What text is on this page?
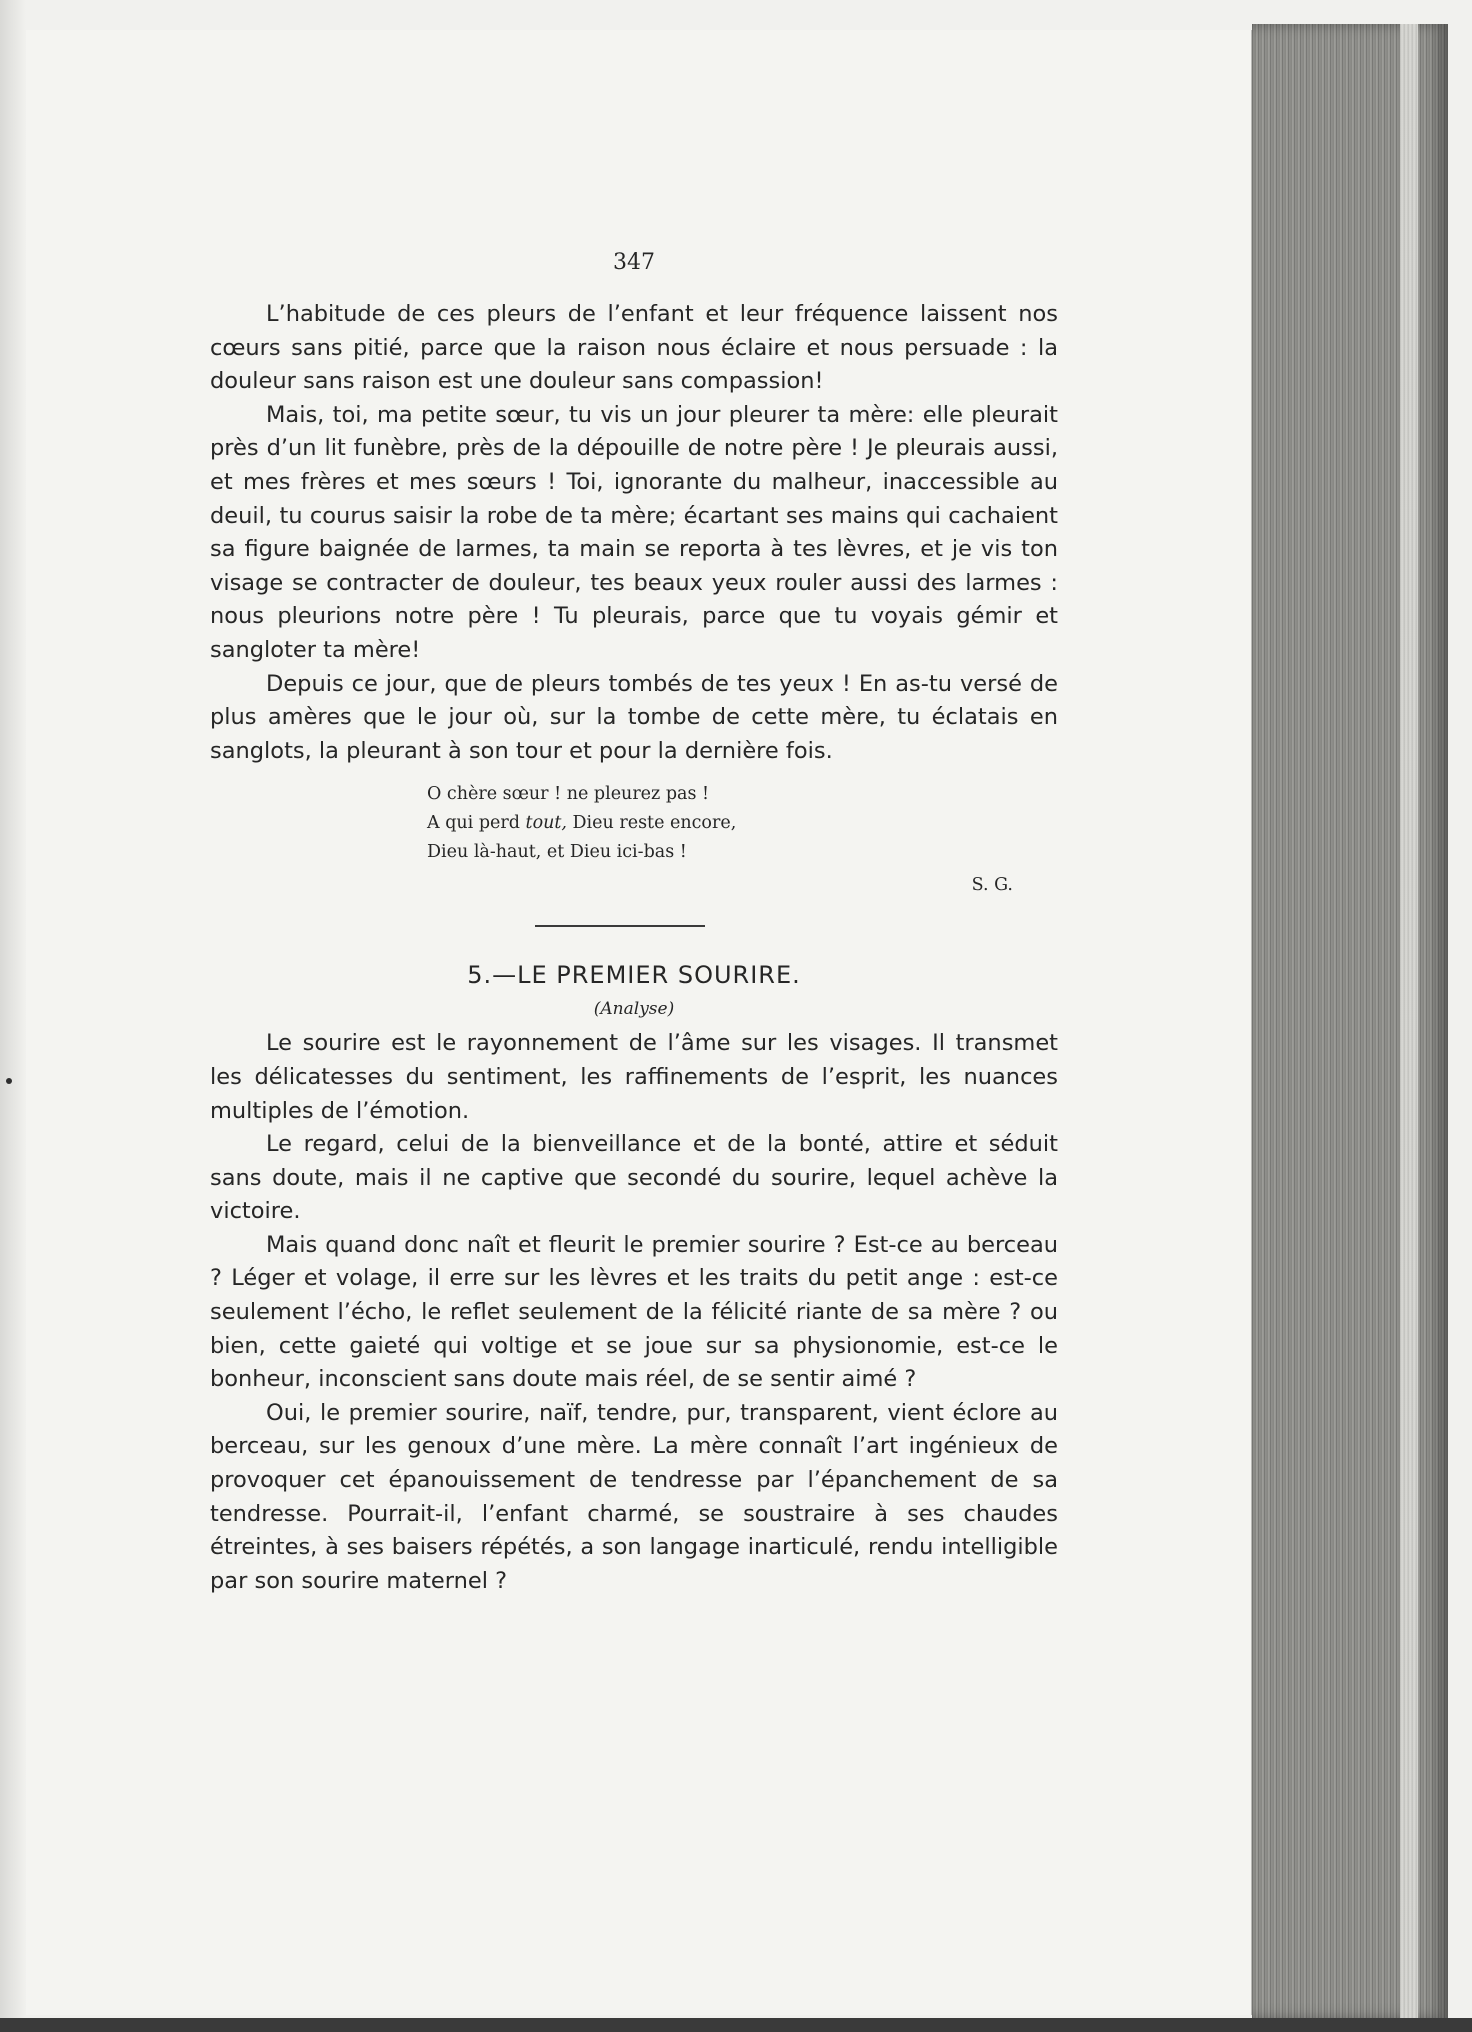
347

L’habitude de ces pleurs de l’enfant et leur fréquence laissent nos cœurs sans pitié, parce que la raison nous éclaire et nous persuade : la douleur sans raison est une douleur sans compassion!

Mais, toi, ma petite sœur, tu vis un jour pleurer ta mère: elle pleurait près d’un lit funèbre, près de la dépouille de notre père ! Je pleurais aussi, et mes frères et mes sœurs ! Toi, ignorante du malheur, inaccessible au deuil, tu courus saisir la robe de ta mère; écartant ses mains qui cachaient sa figure baignée de larmes, ta main se reporta à tes lèvres, et je vis ton visage se contracter de douleur, tes beaux yeux rouler aussi des larmes : nous pleurions notre père ! Tu pleurais, parce que tu voyais gémir et sangloter ta mère!

Depuis ce jour, que de pleurs tombés de tes yeux ! En as-tu versé de plus amères que le jour où, sur la tombe de cette mère, tu éclatais en sanglots, la pleurant à son tour et pour la dernière fois.

O chère sœur ! ne pleurez pas !
A qui perd tout, Dieu reste encore,
Dieu là-haut, et Dieu ici-bas !
S. G.
5.—LE PREMIER SOURIRE.
(Analyse)

Le sourire est le rayonnement de l’âme sur les visages. Il transmet les délicatesses du sentiment, les raffinements de l’esprit, les nuances multiples de l’émotion.

Le regard, celui de la bienveillance et de la bonté, attire et séduit sans doute, mais il ne captive que secondé du sourire, lequel achève la victoire.

Mais quand donc naît et fleurit le premier sourire ? Est-ce au berceau ? Léger et volage, il erre sur les lèvres et les traits du petit ange : est-ce seulement l’écho, le reflet seulement de la félicité riante de sa mère ? ou bien, cette gaieté qui voltige et se joue sur sa physionomie, est-ce le bonheur, inconscient sans doute mais réel, de se sentir aimé ?

Oui, le premier sourire, naïf, tendre, pur, transparent, vient éclore au berceau, sur les genoux d’une mère. La mère connaît l’art ingénieux de provoquer cet épanouissement de tendresse par l’épanchement de sa tendresse. Pourrait-il, l’enfant charmé, se soustraire à ses chaudes étreintes, à ses baisers répétés, a son langage inarticulé, rendu intelligible par son sourire maternel ?
